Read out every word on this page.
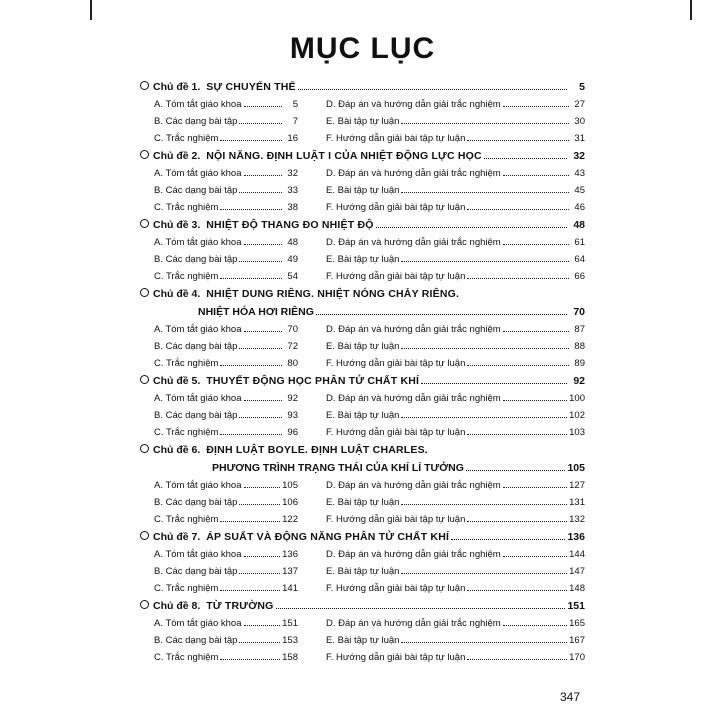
MỤC LỤC
Chủ đề 1. SỰ CHUYỂN THỂ	5
A. Tóm tắt giáo khoa	5	D. Đáp án và hướng dẫn giải trắc nghiệm	27
B. Các dạng bài tập	7	E. Bài tập tự luận	30
C. Trắc nghiệm	16	F. Hướng dẫn giải bài tập tự luận	31
Chủ đề 2. NỘI NĂNG. ĐỊNH LUẬT I CỦA NHIỆT ĐỘNG LỰC HỌC	32
A. Tóm tắt giáo khoa	32	D. Đáp án và hướng dẫn giải trắc nghiệm	43
B. Các dạng bài tập	33	E. Bài tập tự luận	45
C. Trắc nghiệm	38	F. Hướng dẫn giải bài tập tự luận	46
Chủ đề 3. NHIỆT ĐỘ THANG ĐO NHIỆT ĐỘ	48
A. Tóm tắt giáo khoa	48	D. Đáp án và hướng dẫn giải trắc nghiệm	61
B. Các dạng bài tập	49	E. Bài tập tự luận	64
C. Trắc nghiệm	54	F. Hướng dẫn giải bài tập tự luận	66
Chủ đề 4. NHIỆT DUNG RIÊNG. NHIỆT NÓNG CHẢY RIÊNG.
NHIỆT HÓA HƠI RIÊNG	70
A. Tóm tắt giáo khoa	70	D. Đáp án và hướng dẫn giải trắc nghiệm	87
B. Các dạng bài tập	72	E. Bài tập tự luận	88
C. Trắc nghiệm	80	F. Hướng dẫn giải bài tập tự luận	89
Chủ đề 5. THUYẾT ĐỘNG HỌC PHÂN TỬ CHẤT KHÍ	92
A. Tóm tắt giáo khoa	92	D. Đáp án và hướng dẫn giải trắc nghiệm	100
B. Các dạng bài tập	93	E. Bài tập tự luận	102
C. Trắc nghiệm	96	F. Hướng dẫn giải bài tập tự luận	103
Chủ đề 6. ĐỊNH LUẬT BOYLE. ĐỊNH LUẬT CHARLES.
PHƯƠNG TRÌNH TRẠNG THÁI CỦA KHÍ LÍ TƯỞNG	105
A. Tóm tắt giáo khoa	105	D. Đáp án và hướng dẫn giải trắc nghiệm	127
B. Các dạng bài tập	106	E. Bài tập tự luận	131
C. Trắc nghiệm	122	F. Hướng dẫn giải bài tập tự luận	132
Chủ đề 7. ÁP SUẤT VÀ ĐỘNG NĂNG PHÂN TỬ CHẤT KHÍ	136
A. Tóm tắt giáo khoa	136	D. Đáp án và hướng dẫn giải trắc nghiệm	144
B. Các dạng bài tập	137	E. Bài tập tự luận	147
C. Trắc nghiệm	141	F. Hướng dẫn giải bài tập tự luận	148
Chủ đề 8. TỪ TRƯỜNG	151
A. Tóm tắt giáo khoa	151	D. Đáp án và hướng dẫn giải trắc nghiệm	165
B. Các dạng bài tập	153	E. Bài tập tự luận	167
C. Trắc nghiệm	158	F. Hướng dẫn giải bài tập tự luận	170
347
